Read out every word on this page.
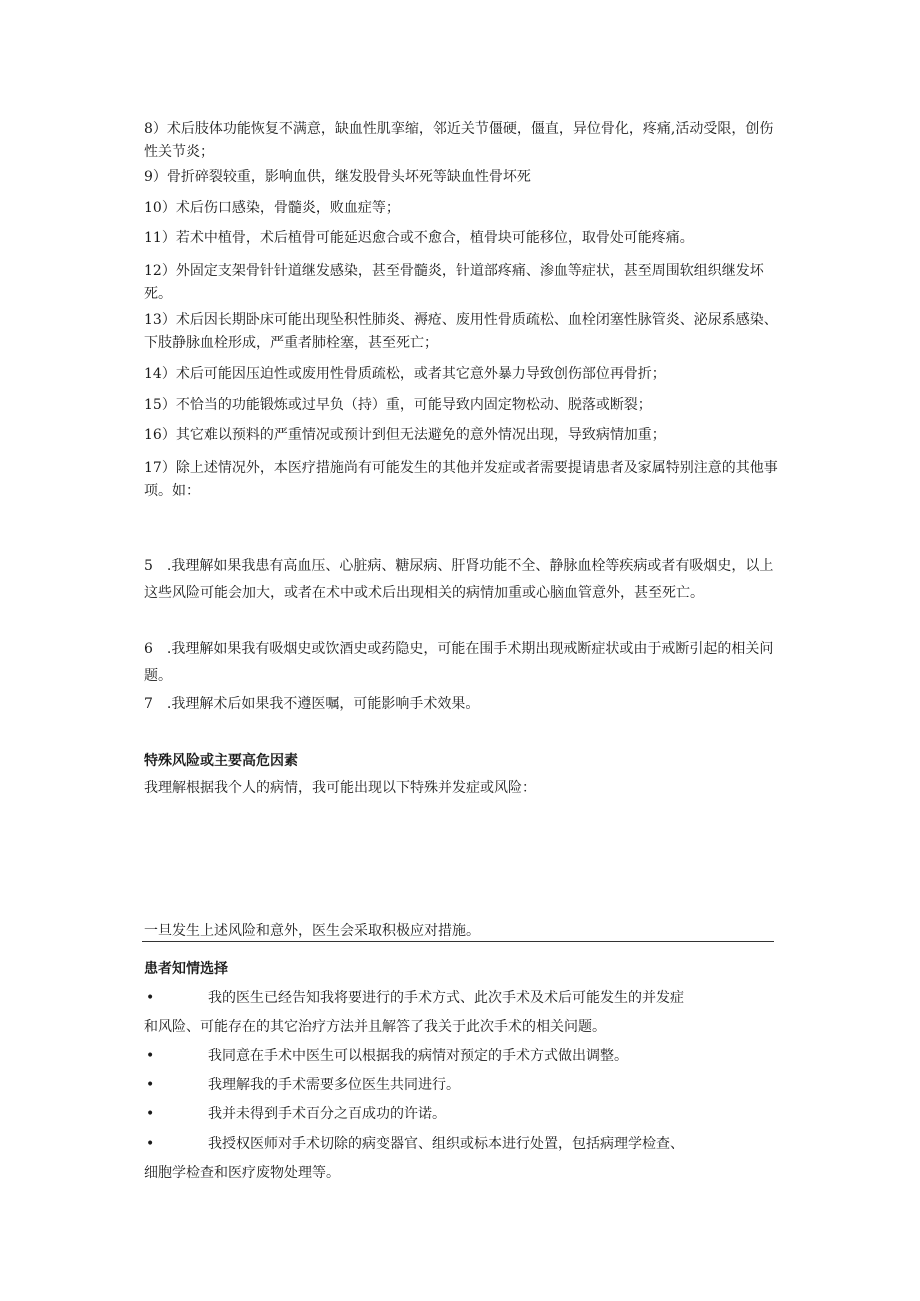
8）术后肢体功能恢复不满意，缺血性肌挛缩，邻近关节僵硬，僵直，异位骨化，疼痛,活动受限，创伤性关节炎；

9）骨折碎裂较重，影响血供，继发股骨头坏死等缺血性骨坏死

10）术后伤口感染，骨髓炎，败血症等；

11）若术中植骨，术后植骨可能延迟愈合或不愈合，植骨块可能移位，取骨处可能疼痛。

12）外固定支架骨针针道继发感染，甚至骨髓炎，针道部疼痛、渗血等症状，甚至周围软组织继发坏死。

13）术后因长期卧床可能出现坠积性肺炎、褥疮、废用性骨质疏松、血栓闭塞性脉管炎、泌尿系感染、下肢静脉血栓形成，严重者肺栓塞，甚至死亡；

14）术后可能因压迫性或废用性骨质疏松，或者其它意外暴力导致创伤部位再骨折；

15）不恰当的功能锻炼或过早负（持）重，可能导致内固定物松动、脱落或断裂；

16）其它难以预料的严重情况或预计到但无法避免的意外情况出现，导致病情加重；

17）除上述情况外，本医疗措施尚有可能发生的其他并发症或者需要提请患者及家属特别注意的其他事项。如：

5　.我理解如果我患有高血压、心脏病、糖尿病、肝肾功能不全、静脉血栓等疾病或者有吸烟史，以上这些风险可能会加大，或者在术中或术后出现相关的病情加重或心脑血管意外，甚至死亡。

6　.我理解如果我有吸烟史或饮酒史或药隐史，可能在围手术期出现戒断症状或由于戒断引起的相关问题。

7　.我理解术后如果我不遵医嘱，可能影响手术效果。

特殊风险或主要高危因素
我理解根据我个人的病情，我可能出现以下特殊并发症或风险：
一旦发生上述风险和意外，医生会采取积极应对措施。
患者知情选择
•	我的医生已经告知我将要进行的手术方式、此次手术及术后可能发生的并发症
和风险、可能存在的其它治疗方法并且解答了我关于此次手术的相关问题。
•	我同意在手术中医生可以根据我的病情对预定的手术方式做出调整。
•	我理解我的手术需要多位医生共同进行。
•	我并未得到手术百分之百成功的许诺。
•	我授权医师对手术切除的病变器官、组织或标本进行处置，包括病理学检查、
细胞学检查和医疗废物处理等。
